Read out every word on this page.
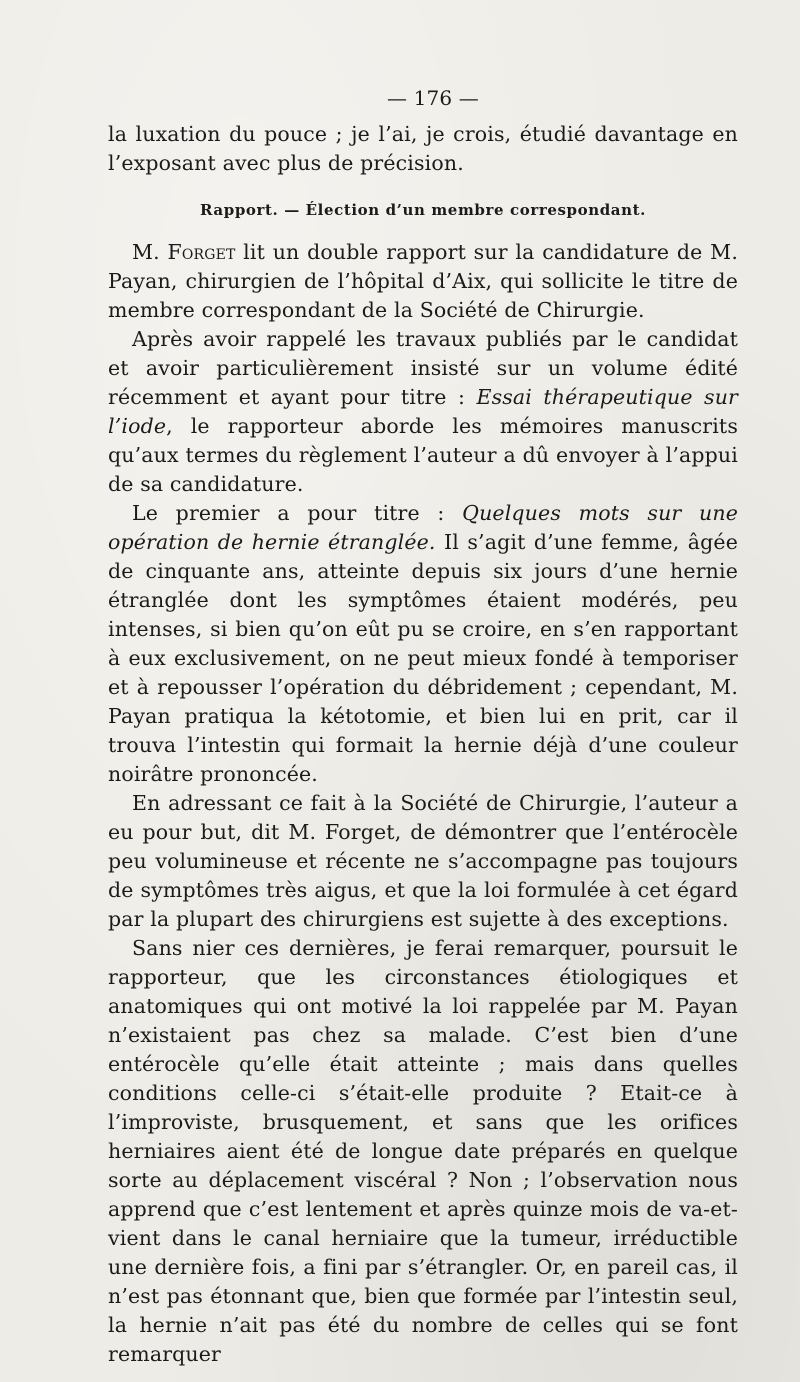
— 176 —

la luxation du pouce ; je l’ai, je crois, étudié davantage en l’exposant avec plus de précision.

Rapport. — Élection d’un membre correspondant.

M. Forget lit un double rapport sur la candidature de M. Payan, chirurgien de l’hôpital d’Aix, qui sollicite le titre de membre correspondant de la Société de Chirurgie.

Après avoir rappelé les travaux publiés par le candidat et avoir particulièrement insisté sur un volume édité récemment et ayant pour titre : Essai thérapeutique sur l’iode, le rapporteur aborde les mémoires manuscrits qu’aux termes du règlement l’auteur a dû envoyer à l’appui de sa candidature.

Le premier a pour titre : Quelques mots sur une opération de hernie étranglée. Il s’agit d’une femme, âgée de cinquante ans, atteinte depuis six jours d’une hernie étranglée dont les symptômes étaient modérés, peu intenses, si bien qu’on eût pu se croire, en s’en rapportant à eux exclusivement, on ne peut mieux fondé à temporiser et à repousser l’opération du débridement ; cependant, M. Payan pratiqua la kétotomie, et bien lui en prit, car il trouva l’intestin qui formait la hernie déjà d’une couleur noirâtre prononcée.

En adressant ce fait à la Société de Chirurgie, l’auteur a eu pour but, dit M. Forget, de démontrer que l’entérocèle peu volumineuse et récente ne s’accompagne pas toujours de symptômes très aigus, et que la loi formulée à cet égard par la plupart des chirurgiens est sujette à des exceptions.

Sans nier ces dernières, je ferai remarquer, poursuit le rapporteur, que les circonstances étiologiques et anatomiques qui ont motivé la loi rappelée par M. Payan n’existaient pas chez sa malade. C’est bien d’une entérocèle qu’elle était atteinte ; mais dans quelles conditions celle-ci s’était-elle produite ? Etait-ce à l’improviste, brusquement, et sans que les orifices herniaires aient été de longue date préparés en quelque sorte au déplacement viscéral ? Non ; l’observation nous apprend que c’est lentement et après quinze mois de va-et-vient dans le canal herniaire que la tumeur, irréductible une dernière fois, a fini par s’étrangler. Or, en pareil cas, il n’est pas étonnant que, bien que formée par l’intestin seul, la hernie n’ait pas été du nombre de celles qui se font remarquer
